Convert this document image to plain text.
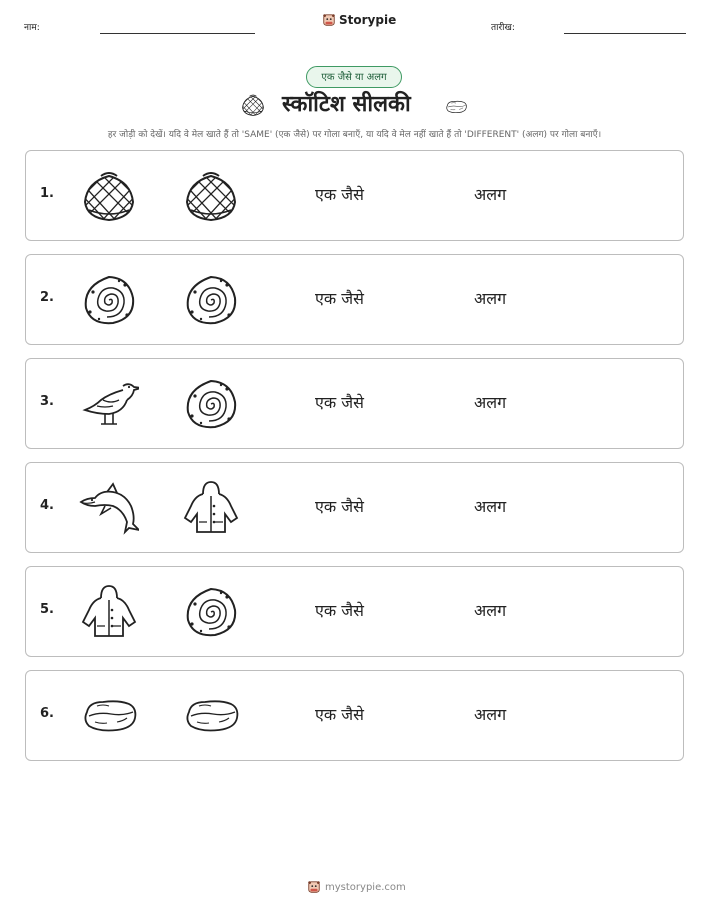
नाम:
Storypie
तारीख:
एक जैसे या अलग
स्कॉटिश सीलकी
हर जोड़ी को देखें। यदि वे मेल खाते हैं तो 'SAME' (एक जैसे) पर गोला बनाएँ, या यदि वे मेल नहीं खाते हैं तो 'DIFFERENT' (अलग) पर गोला बनाएँ।
1.	एक जैसे	अलग
2.	एक जैसे	अलग
3.	एक जैसे	अलग
4.	एक जैसे	अलग
5.	एक जैसे	अलग
6.	एक जैसे	अलग
mystorypie.com
